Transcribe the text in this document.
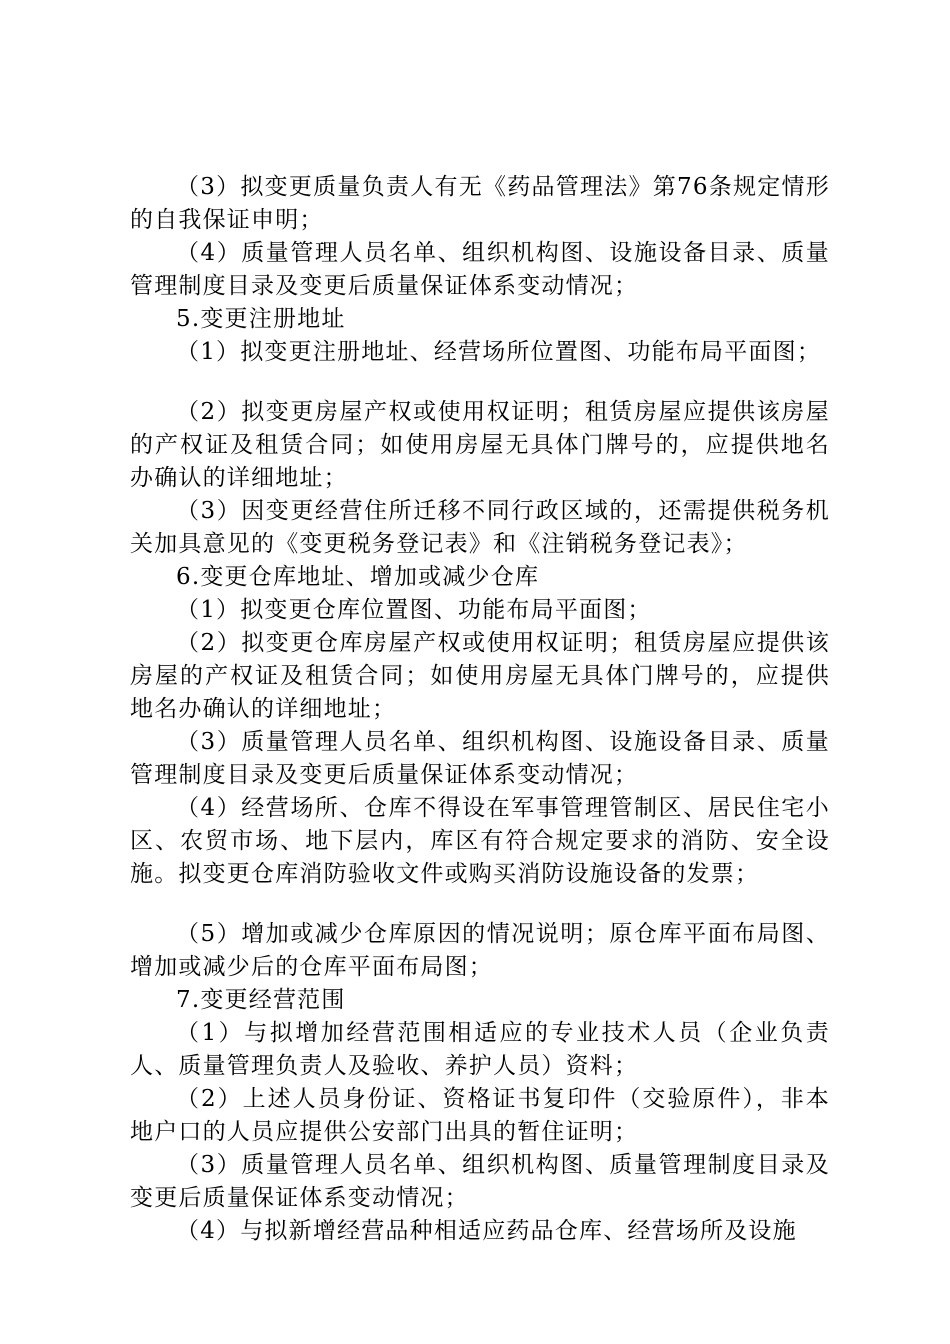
（3）拟变更质量负责人有无《药品管理法》第76条规定情形的自我保证申明；

（4）质量管理人员名单、组织机构图、设施设备目录、质量管理制度目录及变更后质量保证体系变动情况；

5.变更注册地址

（1）拟变更注册地址、经营场所位置图、功能布局平面图；

（2）拟变更房屋产权或使用权证明；租赁房屋应提供该房屋的产权证及租赁合同；如使用房屋无具体门牌号的，应提供地名办确认的详细地址；

（3）因变更经营住所迁移不同行政区域的，还需提供税务机关加具意见的《变更税务登记表》和《注销税务登记表》；

6.变更仓库地址、增加或减少仓库

（1）拟变更仓库位置图、功能布局平面图；

（2）拟变更仓库房屋产权或使用权证明；租赁房屋应提供该房屋的产权证及租赁合同；如使用房屋无具体门牌号的，应提供地名办确认的详细地址；

（3）质量管理人员名单、组织机构图、设施设备目录、质量管理制度目录及变更后质量保证体系变动情况；

（4）经营场所、仓库不得设在军事管理管制区、居民住宅小区、农贸市场、地下层内，库区有符合规定要求的消防、安全设施。拟变更仓库消防验收文件或购买消防设施设备的发票；

（5）增加或减少仓库原因的情况说明；原仓库平面布局图、增加或减少后的仓库平面布局图；

7.变更经营范围

（1）与拟增加经营范围相适应的专业技术人员（企业负责人、质量管理负责人及验收、养护人员）资料；

（2）上述人员身份证、资格证书复印件（交验原件），非本地户口的人员应提供公安部门出具的暂住证明；

（3）质量管理人员名单、组织机构图、质量管理制度目录及变更后质量保证体系变动情况；

（4）与拟新增经营品种相适应药品仓库、经营场所及设施
